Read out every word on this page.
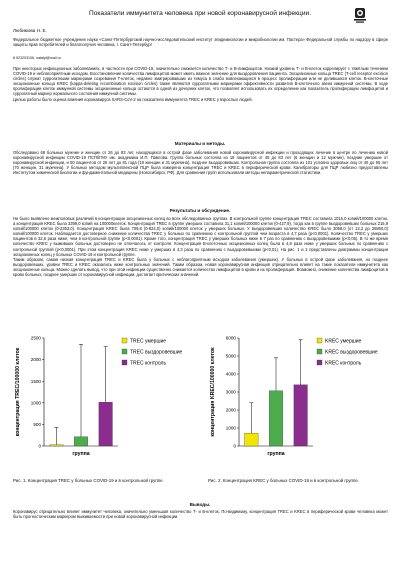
Показатели иммунитета человека при новой коронавирусной инфекции.
Любимова Н. Е.
Федеральное бюджетное учреждение науки «Санкт-Петербургский научно-исследовательский институт эпидемиологии и микробиологии им. Пастера» Федеральной службы по надзору в сфере защиты прав потребителей и благополучия человека, г. Санкт-Петербург
8 923203106, natalyl@mail.ru

При некоторых инфекционных заболеваниях, в частности при COVID-19, значительно снижается количество Т- и В-лимфоцитов. Низкий уровень Т- и В-клеток коррелирует с тяжёлым течением COVID-19 и неблагоприятным исходом. Восстановление количества лимфоцитов может иметь важное значение для выздоровления пациента. Эксцизионные кольца TREC (T-cell receptor excision circles) служат суррогатными маркерами созревания Т-клеток, недавно эмигрировавших из тимуса в слабо вовлекающихся в процесс пролиферации или не делившихся клеток. В-клеточные эксцизионные кольца KREC (kappa-deleting recombination excision circles) также являются суррогатными маркерами эффективности развития В-клеточного звена иммунной системы. В ходе пролиферации клеток иммунной системы эксцизионные кольца остаются в одной из дочерних клеток, что позволяет использовать их определение как показатель пролиферации лимфоцитов и суррогатный маркер нормального состояния иммунной системы.

Целью работы было оценка влияния коронавируса SARS-CoV-2 на показатели иммунитета TREC и KREC у взрослых людей.

Материалы и методы.
Обследовано 68 больных мужчин и женщин от 26 до 83 лет, находящихся в острой фазе заболевания новой коронавирусной инфекции и проходящих лечение в центре по лечению новой коронавирусной инфекции COVID-19 ПСПбГМУ им. академика И.П. Павлова. Группа больных состояла из 18 пациентов от 45 до 83 лет (6 женщин и 12 мужчин), поздние умершие от коронавирусной инфекции, и 50 пациентов от 26 лет до 81 года (19 женщин и 31 мужчина), позднее выздоровевших. Контрольная группа состояла из 101 условно здоровых лиц от 40 до 95 лет (70 женщин, 31 мужчина). У больных методом мультиплексной ПЦР была измерена концентрация TREC и KREC в периферической крови. Калибраторы для ПЦР любезно предоставлены Институтом химической биологии и фундаментальной медицины (Новосибирск, РФ). Для сравнения групп использовали методы непараметрической статистики.
Результаты и обсуждение.

Не было выявлено межполовых различий в концентрации эксцизионных колец во всех обследованных группах. В контрольной группе концентрация TREC составила 1015,0 копий/100000 клеток, а концентрация KREC была 3399,0 копий на 100000клеток. Концентрация TREC в группе умерших составила 31,1 копий/100000 клеток (0-427,9), тогда как в группе выздоровевших больных 215,9 копий/100000 клеток (0-2353,0). Концентрация KREC была 709,8 (0-824,0) копий/100000 клеток у умерших больных. У выздоровевших количество KREC было 3068,0 (от 13,2 до 25860,0) копий/100000 клеток. Наблюдается достоверное снижение количества TREC у больных по сравнению с контрольной группой чем возраста в 4,7 раза (p<0,0001). Количество TREC у умерших пациентов в 32,6 раза ниже, чем в контрольной группе (p<0,0001). Кроме того, концентрация TREC у умерших больных ниже в 7 раз по сравнению с выздоровевшими (p<0,05). В то же время количество KREC у выживших больных достоверно не отличалось от контроля. Концентрация В-клеточных эксцизионных колец была в 4,8 раза ниже у умерших больных по сравнению с контрольной группой (p<0,0001). При этом концентрация KREC ниже у умерших в 4,3 раза по сравнению с выздоровевшими (p<0,01). На рис. 1 и 2 представлены диаграммы концентрации эксцизионных колец у больных COVID-19 и контрольной группе.

Таким образом, самая низкая концентрация TREC и KREC была у больных с неблагоприятным исходом заболевания (умерших). У больных в острой фазе заболевания, но позднее выздоровевших, уровни TREC и KREC оказались ниже контрольных значений. Таким образом, новая коронавирусная инфекция отрицательно влияет на такие показатели иммунитета как эксцизионные кольца. Можно сделать вывод, что при этой инфекции существенно снижается количество лимфоцитов в крови и их пролиферация. Возможно, снижение количества лимфоцитов в крови больных, позднее умерших от коронавирусной инфекции, достигает критических значений.

концентрация TREC/100000 клеток
0
500
1000
1500
2000
2500
группа
TREC умершие
TREC выздоровевшие
TREC контроль	концентрация KREC/100000 клеток
0
1000
2000
3000
4000
5000
6000
группа
KREC умершие
KREC выздоровевшие
KREC контроль
Рис. 1. Концентрация TREC у больных COVID-19 и в контрольной группе.	Рис. 2. Концентрация KREC у больных COVID-19 и в контрольной группе.
Выводы.
Коронавирус отрицательно влияет иммунитет человека, значительно уменьшая количество Т- и В-клеток. По-видимому, концентрация TREC и KREC в периферической крови человека может быть прогностическим маркером выживаемости при новой коронавирусной инфекции.
